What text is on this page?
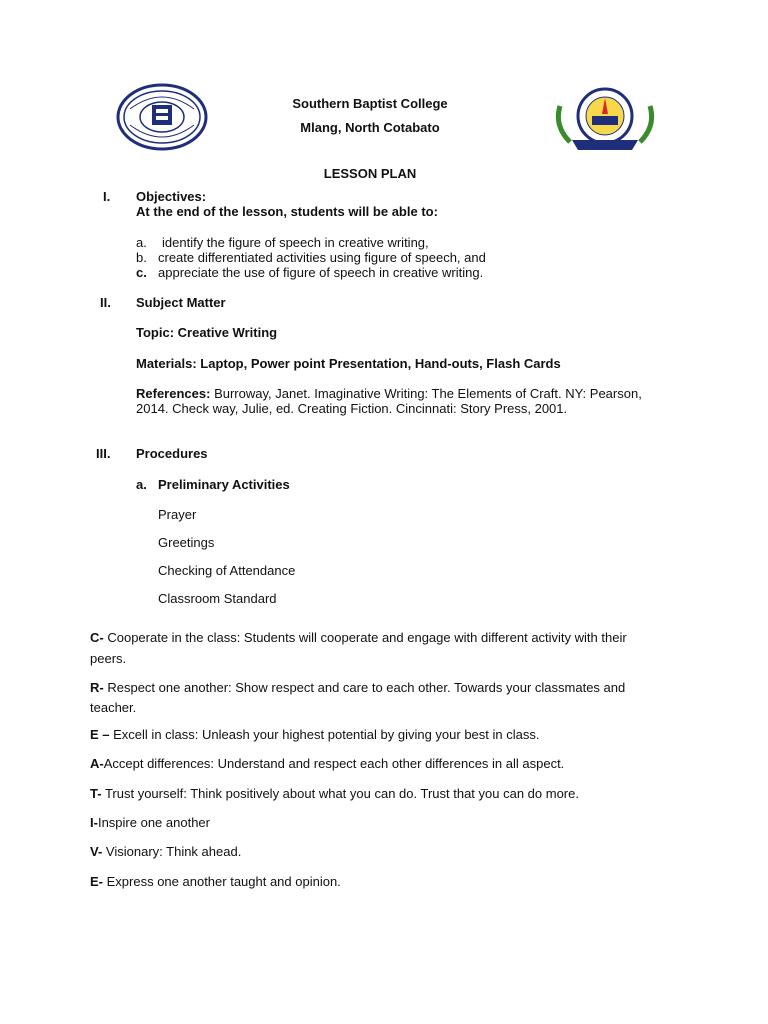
Southern Baptist College
Mlang, North Cotabato
LESSON PLAN
I. Objectives:
At the end of the lesson, students will be able to:
a. identify the figure of speech in creative writing,
b. create differentiated activities using figure of speech, and
c. appreciate the use of figure of speech in creative writing.
II. Subject Matter
Topic: Creative Writing
Materials: Laptop, Power point Presentation, Hand-outs, Flash Cards
References: Burroway, Janet. Imaginative Writing: The Elements of Craft. NY: Pearson, 2014. Check way, Julie, ed. Creating Fiction. Cincinnati: Story Press, 2001.
III. Procedures
a. Preliminary Activities
Prayer
Greetings
Checking of Attendance
Classroom Standard
C- Cooperate in the class: Students will cooperate and engage with different activity with their peers.
R- Respect one another: Show respect and care to each other. Towards your classmates and teacher.
E – Excell in class: Unleash your highest potential by giving your best in class.
A-Accept differences: Understand and respect each other differences in all aspect.
T- Trust yourself: Think positively about what you can do. Trust that you can do more.
I-Inspire one another
V- Visionary: Think ahead.
E- Express one another taught and opinion.
